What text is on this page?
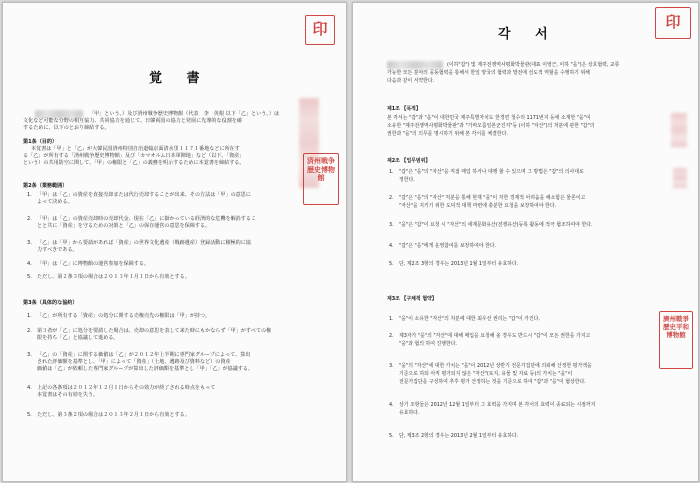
覚 書
「甲」という。）及び済州戦争歴史博物館（代表　李　英根 以下「乙」という。）は
文化など可能な分野の相互協力、共同協力を通じて、日韓両国の協力と発展に先導的な役割を確
するために、以下のとおり締結する。
第1条（目的）
本覚書は「甲」と「乙」が大韓民国済州特別自治道翰京面清水里１１７１番地などに所在す
る「乙」が所有する「済州戦争歴史博物館」及び「カマオルム日本軍陣地」など（以下、「資産」
という）の共用防空に関して、「甲」の権限と「乙」の義務を明示するために本覚書を締結する。
第2条（業務範囲）
1. 「甲」は「乙」の資産を直接売却または代行売却することが出来、その方法は「甲」の意思に
よって決める。
2. 「甲」は「乙」の資産売却時の売却代金、現在「乙」に掛かっている経済的な危機を解消するこ
とと共に「資産」を守るための対策と「乙」の保存運営の意思を保障する。
3. 「乙」は「甲」から要請があれば「資産」の世界文化遺産（戦跡遺産）登録活動に積極的に協
力すべきである。
4. 「甲」は「乙」に博物館の運営参加を保障する。
5. ただし、第２条３項の場合は２０１３年１月１日から有効とする。
第3条（具体的な協約）
1. 「乙」が所有する「資産」の処分に関する売権売先の権限は「甲」が持つ。
2. 第３者が「乙」に処分を要請した場合は、売却の意思を表して来た時にもかならず「甲」がすべての権
限を持ち「乙」と協議して進める。
3. 「乙」の「資産」に関する価値は「乙」が２０１２年上半期に専門家グループによって、算出
された評価額を基準とし、「甲」によって「資産」（土地、遺跡及び資料など）の資産
価値は「乙」が依頼した専門家グループが算出した評価額を基準とし「甲」「乙」が協議する。
4. 上記の各条項は２０１２年１２月１日からその効力が終了される時点をもって
本覚書はその有効を失う。
5. ただし、第３条２項の場合は２０１３年２月１日から有効とする。
印
済州戦争歴史博物館
각 서
(이하"갑") 및 제주전쟁역사평화박물관(대표 이영근, 이하 "을")은 상호협력, 교류
가능한 모든 분야의 공동협력을 통해서 한일 양국의 협력과 발전에 선도적 역할을 수행하기 위해
다음과 같이 서약한다.
제1조 【목적】
본 각서는 "갑"과 "을"이 대한민국 제주특별자치도 한경면 청수리 1171번지 등에 소재한 "을"이
소유한 "제주전쟁역사평화박물관"과 "가마오름일본군진지"등 (이하 "자산")의 처분에 관한 "갑"의
권한과 "을"의 의무를 명시하기 위해 본 각서를 체결한다.
제2조 【업무범위】
1. "갑"은 "을"의 "자산"을 직접 매입 하거나 대행 할 수 있으며 그 방법은 "갑"의 의사대로
정한다.
2. "갑"은 "을"의 "자산" 처분을 통해 현재 "을"이 처한 경제적 어려움을 해소함은 물론이고
"자산"을 지키기 위한 도덕적 대책 마련에 충분한 요청을 보장하여야 한다.
3. "을"은 "갑"이 요청 시 "자산"의 세계문화유산(전쟁유산)등록 활동에 적극 협조하여야 한다.
4. "갑"은 "을"에게 운영참여를 보장하여야 한다.
5. 단, 제2조 3항의 경우는 2013년 1월 1일부터 유효하다.
제3조 【구체적 협약】
1. "을"이 소유한 "자산"의 처분에 대한 최우선 권리는 "갑"이 가진다.
2. 제3자가 "을"의 "자산"에 대해 매입을 요청해 올 경우도 반드시 "갑"이 모든 권한을 가지고
"을"과 협의 하여 진행한다.
3. "을"의 "자산"에 대한 가치는 "을"이 2012년 상반기 전문가집단에 의뢰해 산정한 평가액을
기준으로 하되 아직 평가되지 않은 "자산"(토지, 유물 및 자료 등)의 가치는 "을"이
전문가집단을 구성하여 추후 평가 산정하는 것을 기준으로 하여 "갑"과 "을"이 협상한다.
4. 상기 조항들은 2012년 12월 1일부터 그 효력을 가지며 본 각서의 효력이 종료되는 시점까지
유효하다.
5. 단, 제3조 2항의 경우는 2013년 2월 1일부터 유효하다.
印
濟州戰爭歷史平和博物館
